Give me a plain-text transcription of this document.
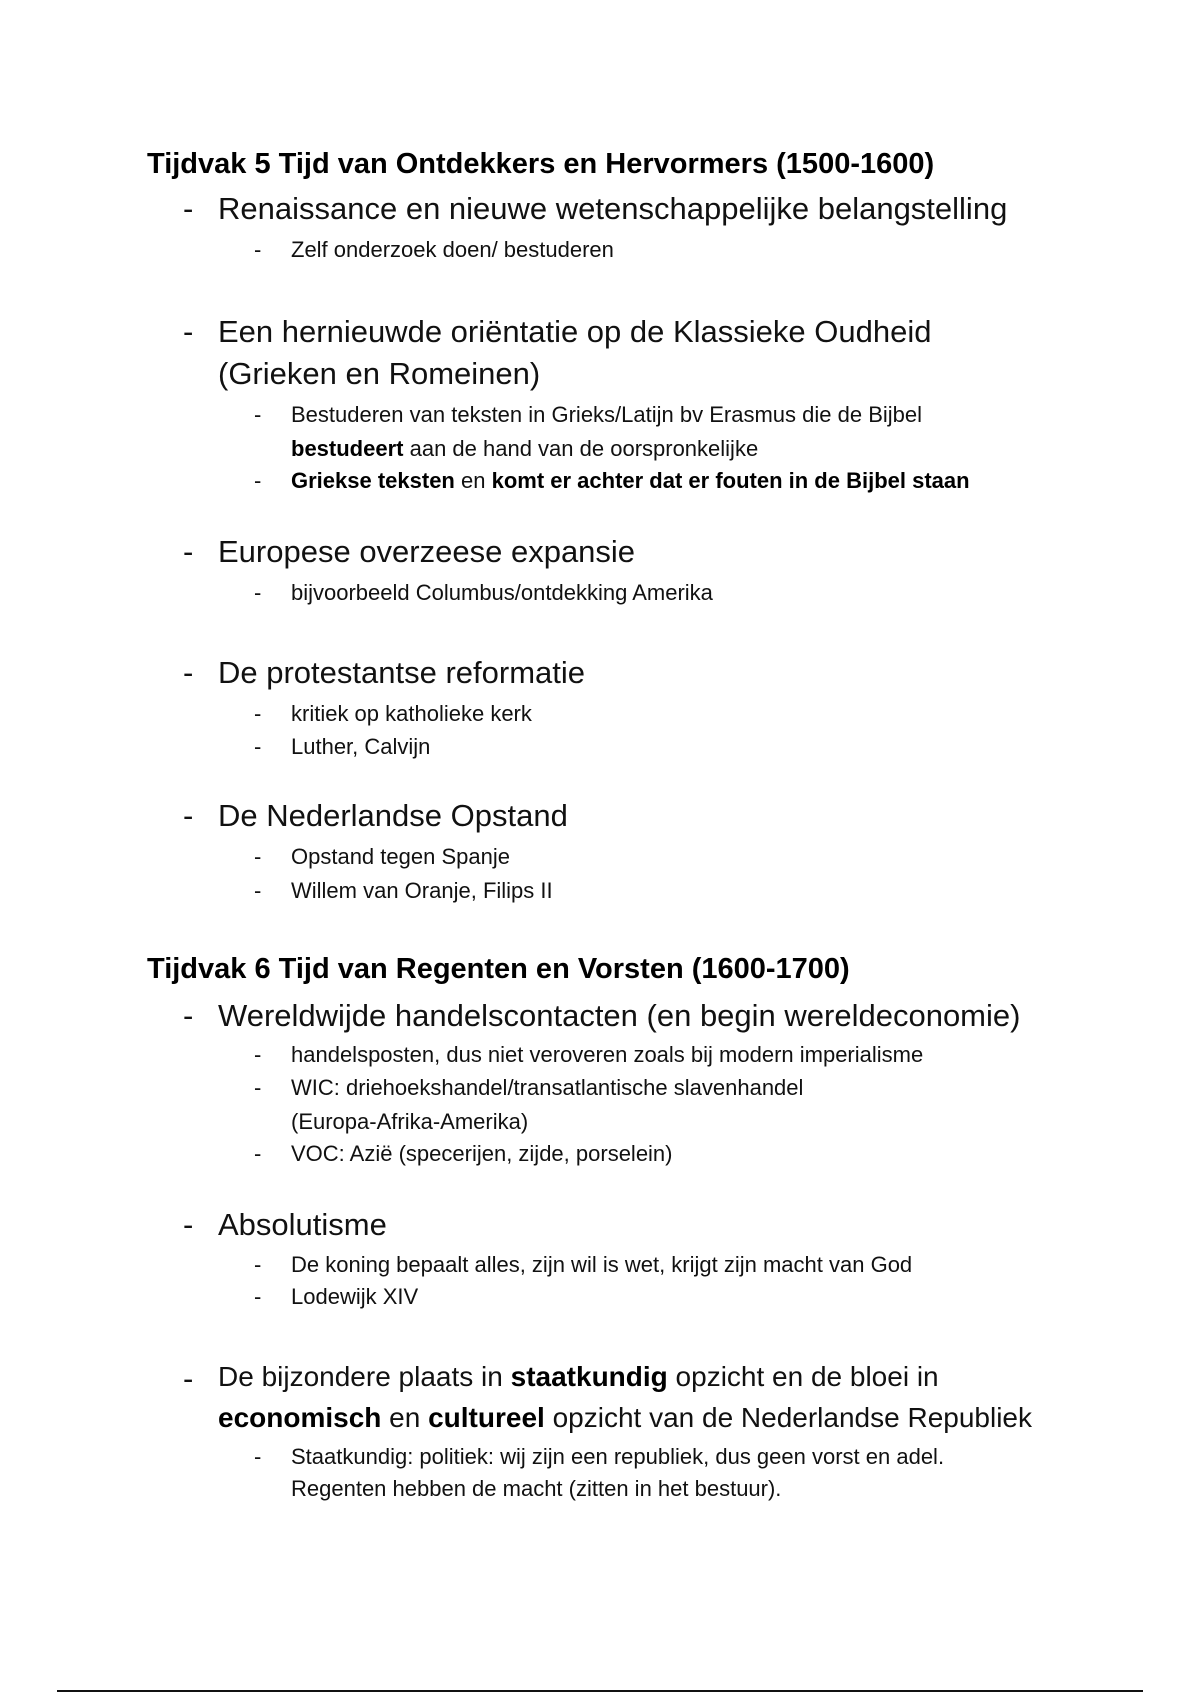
Tijdvak 5 Tijd van Ontdekkers en Hervormers (1500-1600)
- Renaissance en nieuwe wetenschappelijke belangstelling
- Zelf onderzoek doen/ bestuderen
- Een hernieuwde oriëntatie op de Klassieke Oudheid
(Grieken en Romeinen)
- Bestuderen van teksten in Grieks/Latijn bv Erasmus die de Bijbel
bestudeert aan de hand van de oorspronkelijke
- Griekse teksten en komt er achter dat er fouten in de Bijbel staan
- Europese overzeese expansie
- bijvoorbeeld Columbus/ontdekking Amerika
- De protestantse reformatie
- kritiek op katholieke kerk
- Luther, Calvijn
- De Nederlandse Opstand
- Opstand tegen Spanje
- Willem van Oranje, Filips II
Tijdvak 6 Tijd van Regenten en Vorsten (1600-1700)
- Wereldwijde handelscontacten (en begin wereldeconomie)
- handelsposten, dus niet veroveren zoals bij modern imperialisme
- WIC: driehoekshandel/transatlantische slavenhandel
(Europa-Afrika-Amerika)
- VOC: Azië (specerijen, zijde, porselein)
- Absolutisme
- De koning bepaalt alles, zijn wil is wet, krijgt zijn macht van God
- Lodewijk XIV
- De bijzondere plaats in staatkundig opzicht en de bloei in
economisch en cultureel opzicht van de Nederlandse Republiek
- Staatkundig: politiek: wij zijn een republiek, dus geen vorst en adel.
Regenten hebben de macht (zitten in het bestuur).
